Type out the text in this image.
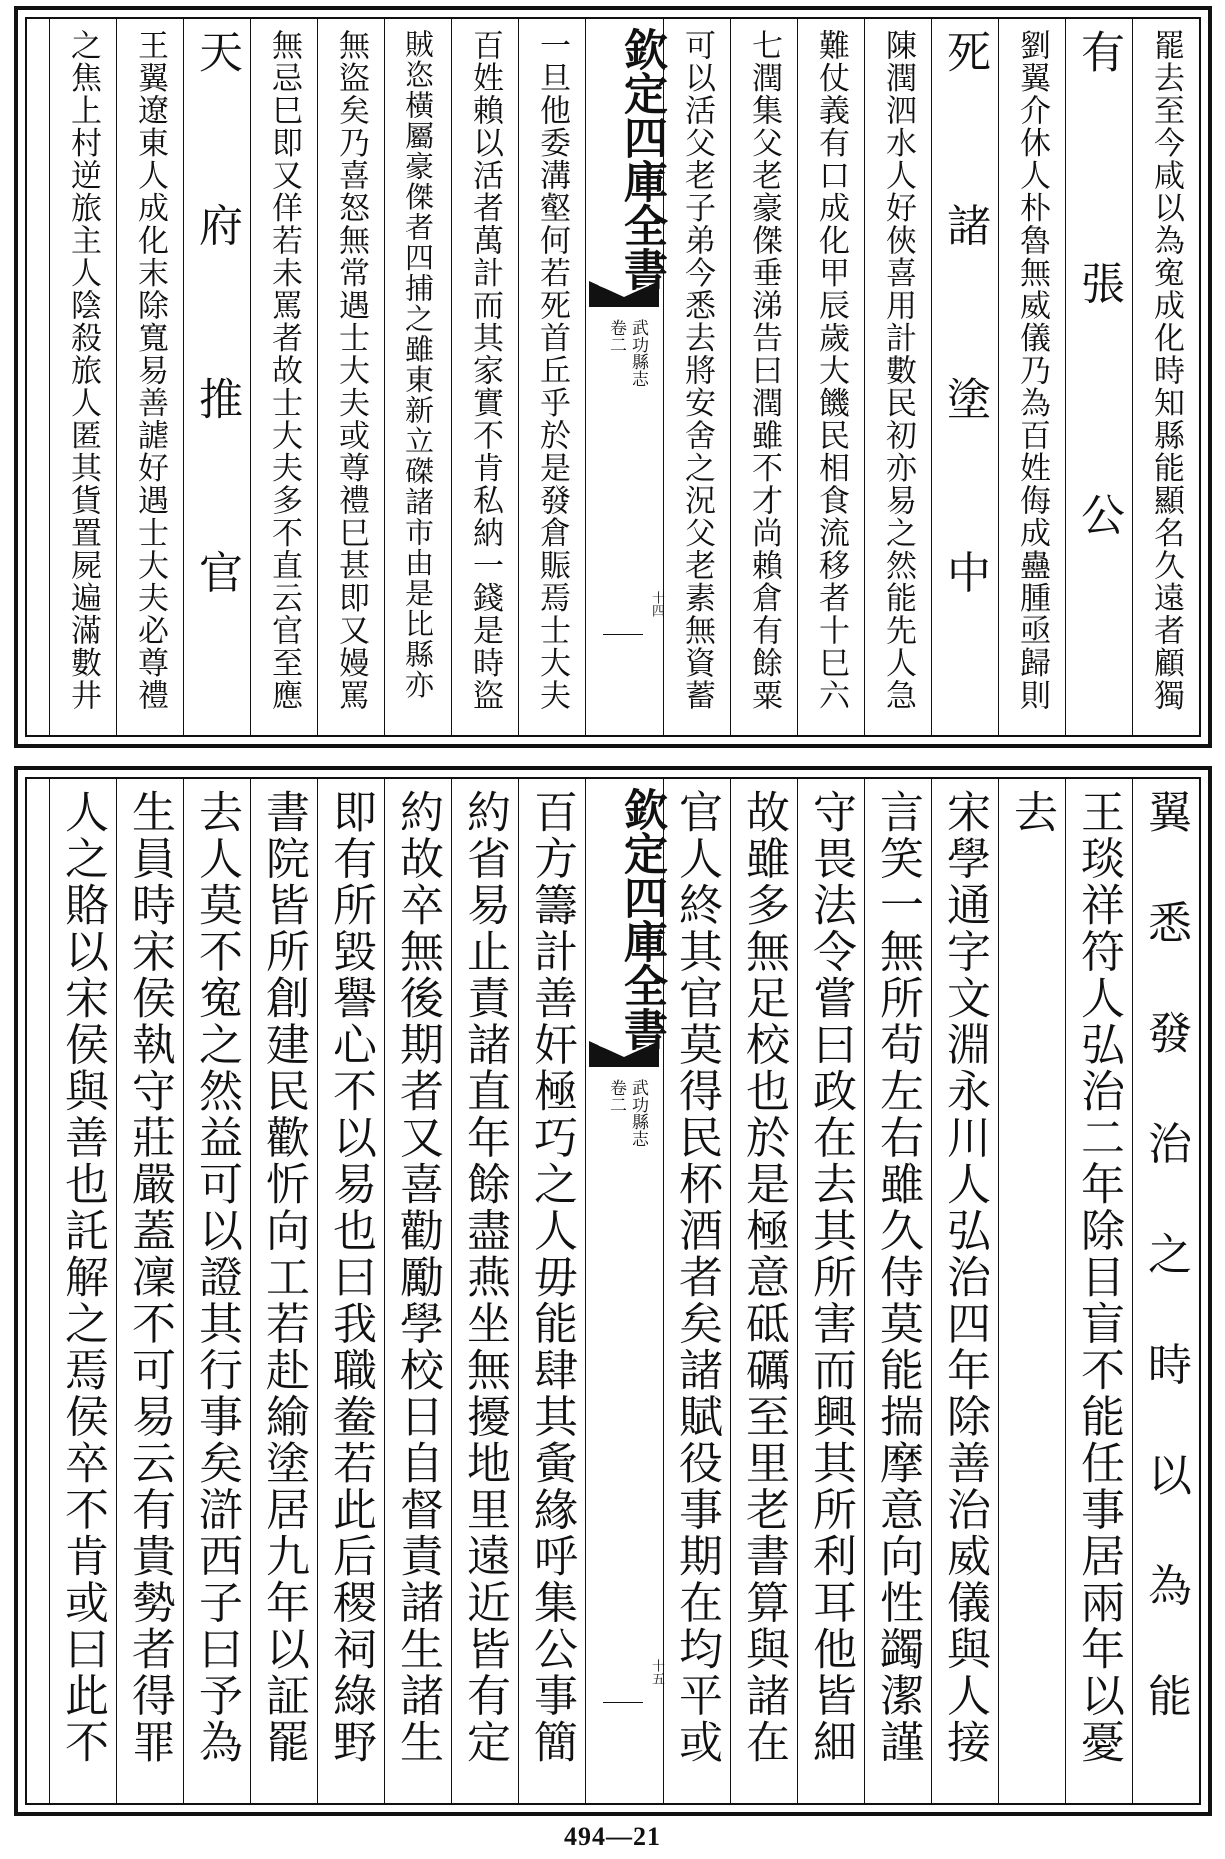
罷去至今咸以為寃成化時知縣能顯名久遠者顧獨
有張公
劉翼介休人朴魯無威儀乃為百姓侮成蠱腫亟歸則
死諸塗中
陳潤泗水人好俠喜用計數民初亦易之然能先人急
難仗義有口成化甲辰歲大饑民相食流移者十巳六
七潤集父老豪傑垂涕告曰潤雖不才尚賴倉有餘粟
可以活父老子弟今悉去將安舍之況父老素無資蓄
欽定四庫全書
武功縣志
卷二
十四
一旦他委溝壑何若死首丘乎於是發倉賑焉士大夫
百姓賴以活者萬計而其家實不肯私納一錢是時盜
賊恣橫屬豪傑者四捕之雖東新立磔諸市由是比縣亦
無盜矣乃喜怒無常遇士大夫或尊禮巳甚即又嫚罵
無忌巳即又佯若未罵者故士大夫多不直云官至應
天府推官
王翼遼東人成化末除寬易善謔好遇士大夫必尊禮
之焦上村逆旅主人陰殺旅人匿其貨置屍遍滿數井
翼悉發治之時以為能
王琰祥符人弘治二年除目盲不能任事居兩年以憂
去
宋學通字文淵永川人弘治四年除善治威儀與人接
言笑一無所茍左右雖久侍莫能揣摩意向性蠲潔謹
守畏法令嘗曰政在去其所害而興其所利耳他皆細
故雖多無足校也於是極意砥礪至里老書算與諸在
官人終其官莫得民杯酒者矣諸賦役事期在均平或
欽定四庫全書
武功縣志
卷二
十五
百方籌計善奸極巧之人毋能肆其夤緣呼集公事簡
約省易止責諸直年餘盡燕坐無擾地里遠近皆有定
約故卒無後期者又喜勸勵學校日自督責諸生諸生
即有所毀譽心不以易也曰我職鲞若此后稷祠綠野
書院皆所創建民歡忻向工若赴緰塗居九年以証罷
去人莫不寃之然益可以證其行事矣滸西子曰予為
生員時宋侯執守莊嚴蓋凜不可易云有貴勢者得罪
人之賂以宋侯與善也託解之焉侯卒不肯或曰此不
494—21
